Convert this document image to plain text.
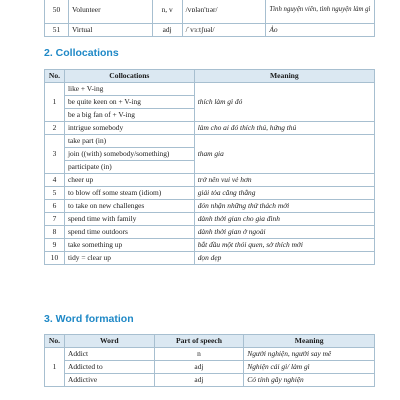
50	Volunteer	n, v	/vɒlən'tɪər/	Tình nguyện viên, tình nguyện làm gì
51	Virtual	adj	/ˈvɜːtʃuəl/	Ảo
2. Collocations
No.	Collocations	Meaning
1	like + V-ing	thích làm gì đó
	be quite keen on + V-ing	
	be a big fan of + V-ing	
2	intrigue somebody	làm cho ai đó thích thú, hứng thú
3	take part (in)	tham gia
	join ((with) somebody/something)	
	participate (in)	
4	cheer up	trở nên vui vẻ hơn
5	to blow off some steam (idiom)	giải tỏa căng thẳng
6	to take on new challenges	đón nhận những thử thách mới
7	spend time with family	dành thời gian cho gia đình
8	spend time outdoors	dành thời gian ở ngoài
9	take something up	bắt đầu một thói quen, sở thích mới
10	tidy = clear up	dọn dẹp
3. Word formation
No.	Word	Part of speech	Meaning
1	Addict	n	Người nghiện, người say mê
	Addicted to	adj	Nghiện cái gì/ làm gì
	Addictive	adj	Có tính gây nghiện
